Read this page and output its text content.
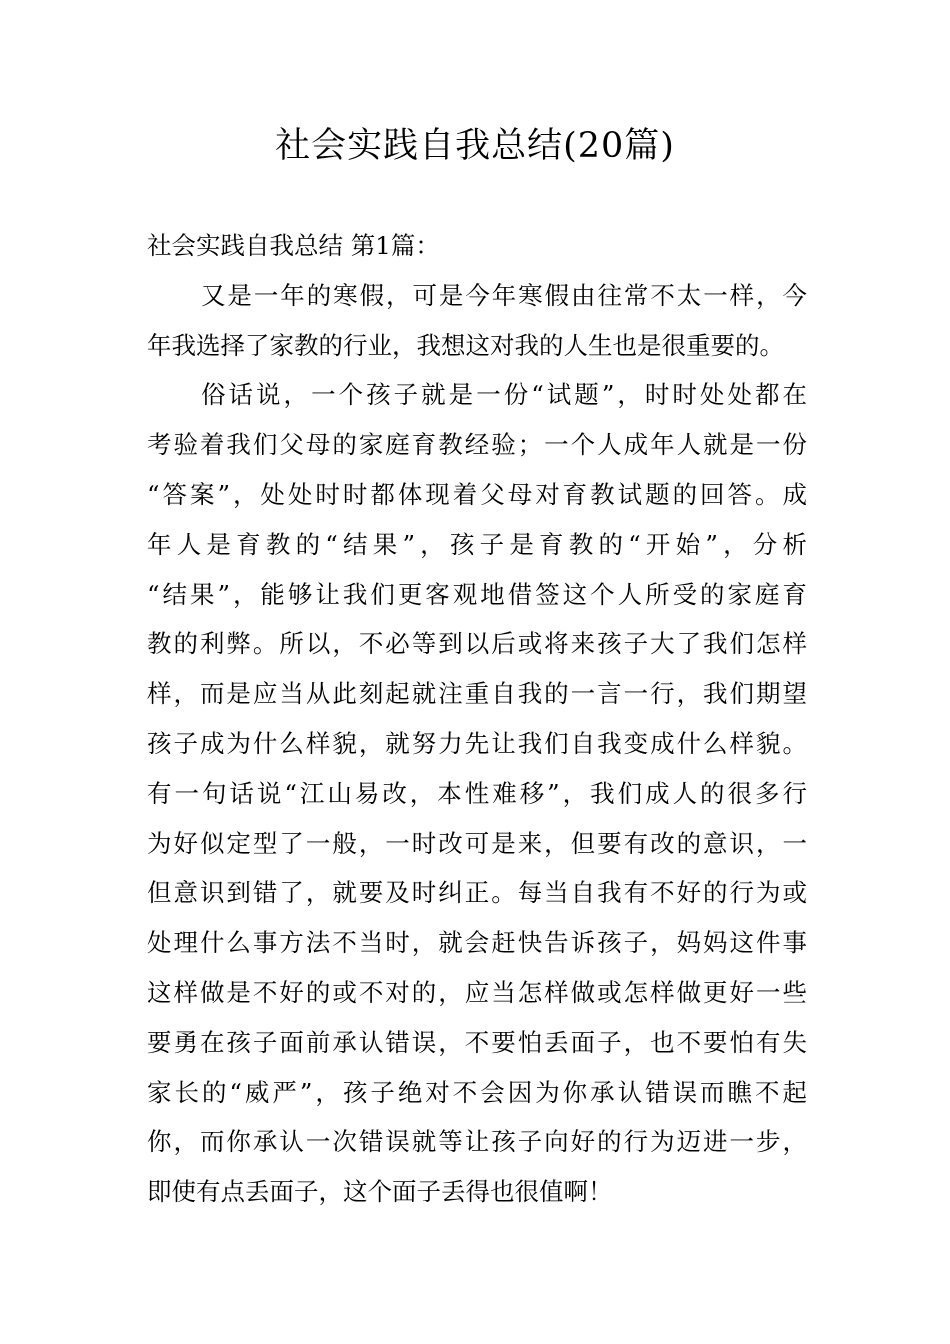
社会实践自我总结(20篇)
社会实践自我总结 第1篇：
又是一年的寒假，可是今年寒假由往常不太一样，今
年我选择了家教的行业，我想这对我的人生也是很重要的。
俗话说，一个孩子就是一份“试题”，时时处处都在
考验着我们父母的家庭育教经验；一个人成年人就是一份
“答案”，处处时时都体现着父母对育教试题的回答。成
年人是育教的“结果”，孩子是育教的“开始”，分析
“结果”，能够让我们更客观地借签这个人所受的家庭育
教的利弊。所以，不必等到以后或将来孩子大了我们怎样
样，而是应当从此刻起就注重自我的一言一行，我们期望
孩子成为什么样貌，就努力先让我们自我变成什么样貌。
有一句话说“江山易改，本性难移”，我们成人的很多行
为好似定型了一般，一时改可是来，但要有改的意识，一
但意识到错了，就要及时纠正。每当自我有不好的行为或
处理什么事方法不当时，就会赶快告诉孩子，妈妈这件事
这样做是不好的或不对的，应当怎样做或怎样做更好一些
要勇在孩子面前承认错误，不要怕丢面子，也不要怕有失
家长的“威严”，孩子绝对不会因为你承认错误而瞧不起
你，而你承认一次错误就等让孩子向好的行为迈进一步，
即使有点丢面子，这个面子丢得也很值啊！
